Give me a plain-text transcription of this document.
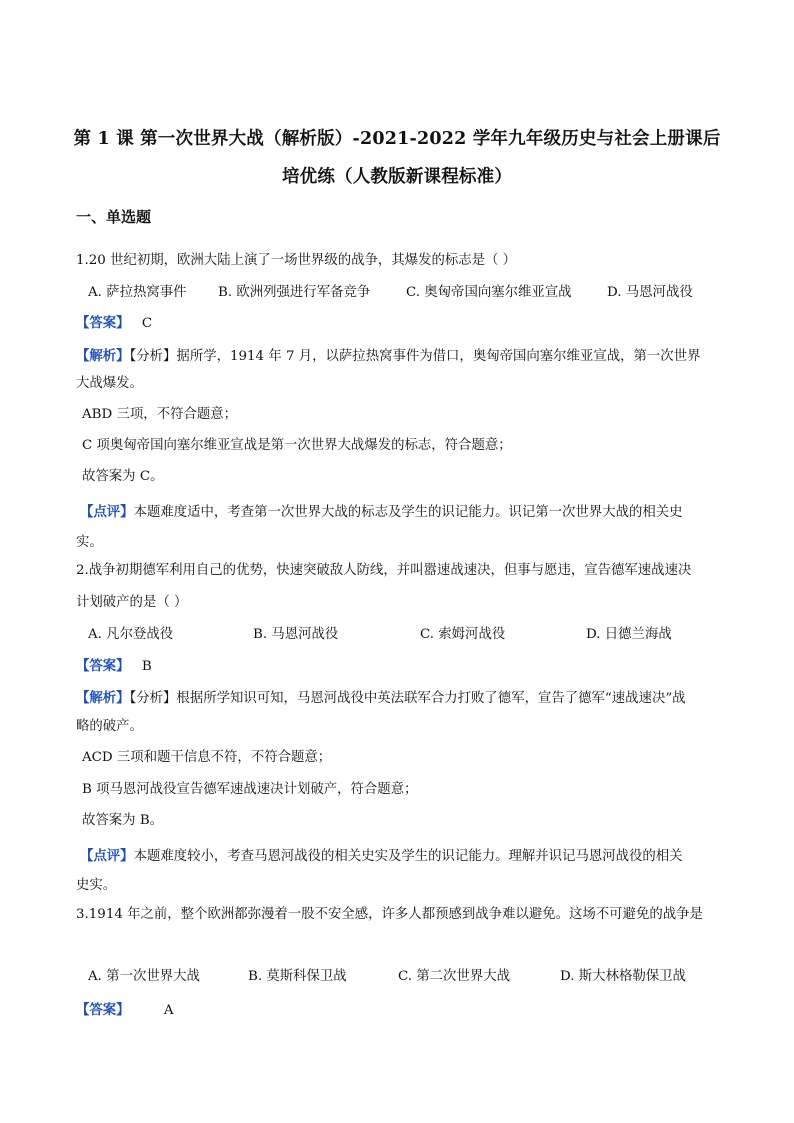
第 1 课 第一次世界大战（解析版）-2021-2022 学年九年级历史与社会上册课后
培优练（人教版新课程标准）
一、单选题
1.20 世纪初期，欧洲大陆上演了一场世界级的战争，其爆发的标志是（ ）
A. 萨拉热窝事件 B. 欧洲列强进行军备竞争	C. 奥匈帝国向塞尔维亚宣战	D. 马恩河战役
【答案】 C
【解析】【分析】据所学，1914 年 7 月，以萨拉热窝事件为借口，奥匈帝国向塞尔维亚宣战，第一次世界
大战爆发。
ABD 三项，不符合题意；
C 项奥匈帝国向塞尔维亚宣战是第一次世界大战爆发的标志，符合题意；
故答案为 C。
【点评】本题难度适中，考查第一次世界大战的标志及学生的识记能力。识记第一次世界大战的相关史
实。
2.战争初期德军利用自己的优势，快速突破敌人防线，并叫嚣速战速决，但事与愿违，宣告德军速战速决
计划破产的是（ ）
A. 凡尔登战役	B. 马恩河战役	C. 索姆河战役	D. 日德兰海战
【答案】 B
【解析】【分析】根据所学知识可知，马恩河战役中英法联军合力打败了德军，宣告了德军“速战速决”战
略的破产。
ACD 三项和题干信息不符，不符合题意；
B 项马恩河战役宣告德军速战速决计划破产，符合题意；
故答案为 B。
【点评】本题难度较小，考查马恩河战役的相关史实及学生的识记能力。理解并识记马恩河战役的相关
史实。
3.1914 年之前，整个欧洲都弥漫着一股不安全感，许多人都预感到战争难以避免。这场不可避免的战争是
A. 第一次世界大战	B. 莫斯科保卫战	C. 第二次世界大战	D. 斯大林格勒保卫战
【答案】	A
